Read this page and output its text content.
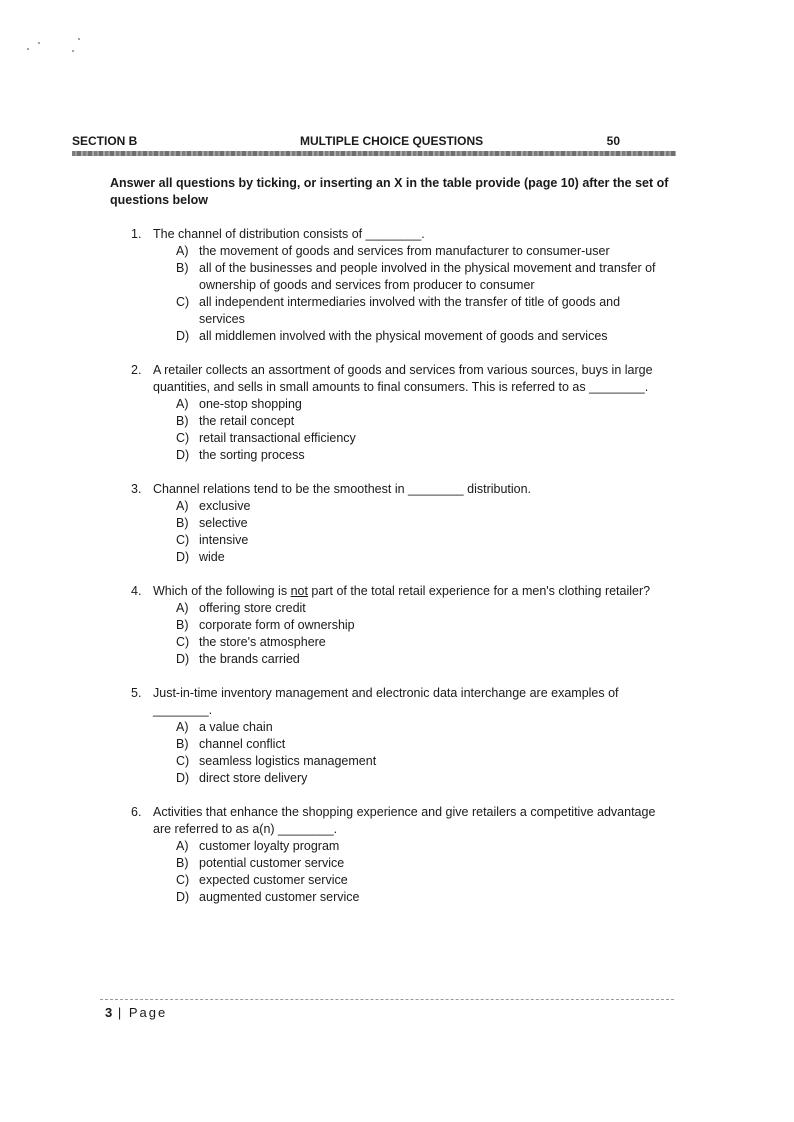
SECTION B	MULTIPLE CHOICE QUESTIONS	50
Answer all questions by ticking, or inserting an X in the table provide (page 10) after the set of questions below
1. The channel of distribution consists of ________.
A) the movement of goods and services from manufacturer to consumer-user
B) all of the businesses and people involved in the physical movement and transfer of ownership of goods and services from producer to consumer
C) all independent intermediaries involved with the transfer of title of goods and services
D) all middlemen involved with the physical movement of goods and services
2. A retailer collects an assortment of goods and services from various sources, buys in large quantities, and sells in small amounts to final consumers. This is referred to as ________.
A) one-stop shopping
B) the retail concept
C) retail transactional efficiency
D) the sorting process
3. Channel relations tend to be the smoothest in ________ distribution.
A) exclusive
B) selective
C) intensive
D) wide
4. Which of the following is not part of the total retail experience for a men's clothing retailer?
A) offering store credit
B) corporate form of ownership
C) the store's atmosphere
D) the brands carried
5. Just-in-time inventory management and electronic data interchange are examples of
________.
A) a value chain
B) channel conflict
C) seamless logistics management
D) direct store delivery
6. Activities that enhance the shopping experience and give retailers a competitive advantage are referred to as a(n) ________.
A) customer loyalty program
B) potential customer service
C) expected customer service
D) augmented customer service
3 | Page
